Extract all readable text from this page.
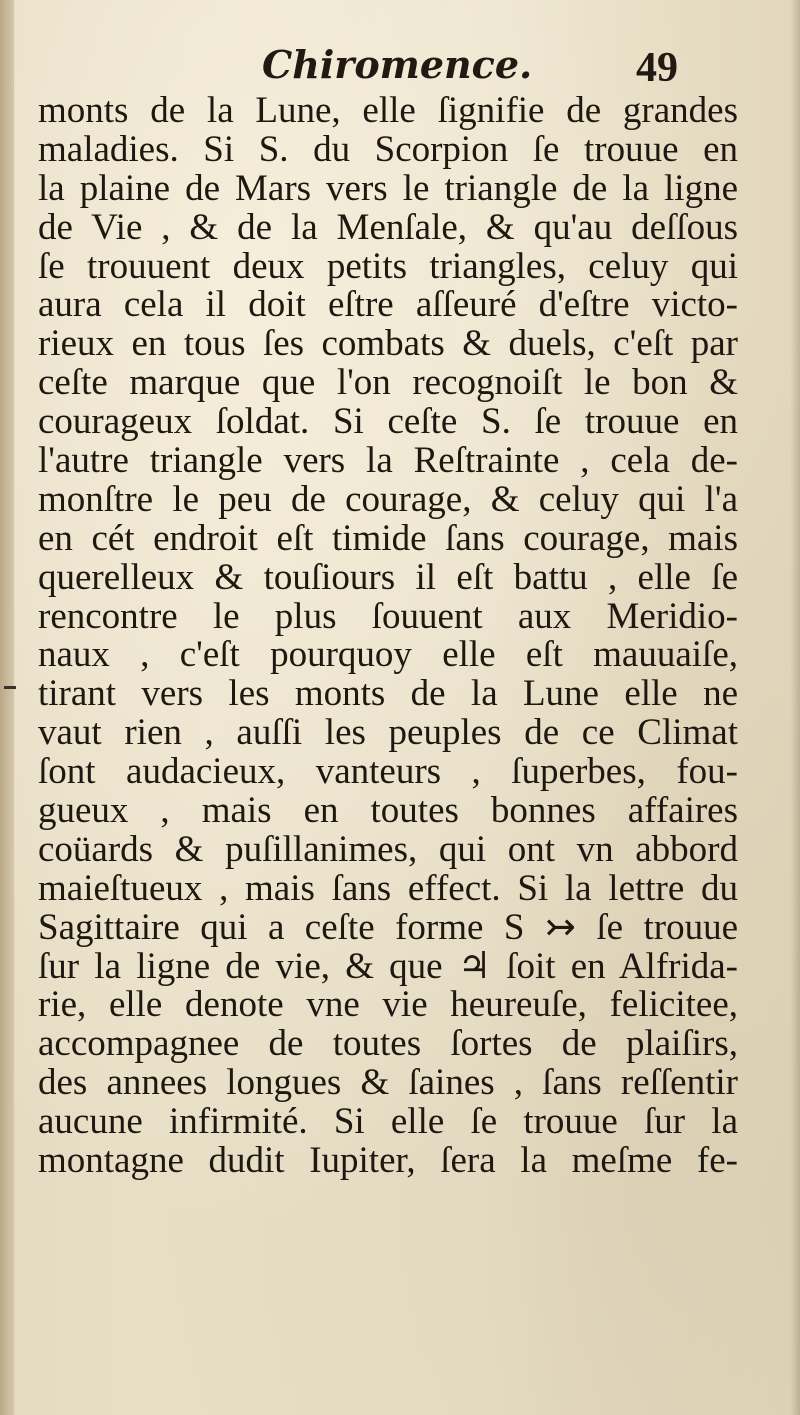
Chiromence. 49
monts de la Lune, elle ſignifie de grandes
maladies. Si S. du Scorpion ſe trouue en
la plaine de Mars vers le triangle de la ligne
de Vie , & de la Menſale, & qu'au deſſous
ſe trouuent deux petits triangles, celuy qui
aura cela il doit eſtre aſſeuré d'eſtre victo-
rieux en tous ſes combats & duels, c'eſt par
ceſte marque que l'on recognoiſt le bon &
courageux ſoldat. Si ceſte S. ſe trouue en
l'autre triangle vers la Reſtrainte , cela de-
monſtre le peu de courage, & celuy qui l'a
en cét endroit eſt timide ſans courage, mais
querelleux & touſiours il eſt battu , elle ſe
rencontre le plus ſouuent aux Meridio-
naux , c'eſt pourquoy elle eſt mauuaiſe,
tirant vers les monts de la Lune elle ne
vaut rien , auſſi les peuples de ce Climat
ſont audacieux, vanteurs , ſuperbes, fou-
gueux , mais en toutes bonnes affaires
coüards & puſillanimes, qui ont vn abbord
maieſtueux , mais ſans effect. Si la lettre du
Sagittaire qui a ceſte forme S ↣ ſe trouue
ſur la ligne de vie, & que ♃ ſoit en Alfrida-
rie, elle denote vne vie heureuſe, felicitee,
accompagnee de toutes ſortes de plaiſirs,
des annees longues & ſaines , ſans reſſentir
aucune infirmité. Si elle ſe trouue ſur la
montagne dudit Iupiter, ſera la meſme fe-
